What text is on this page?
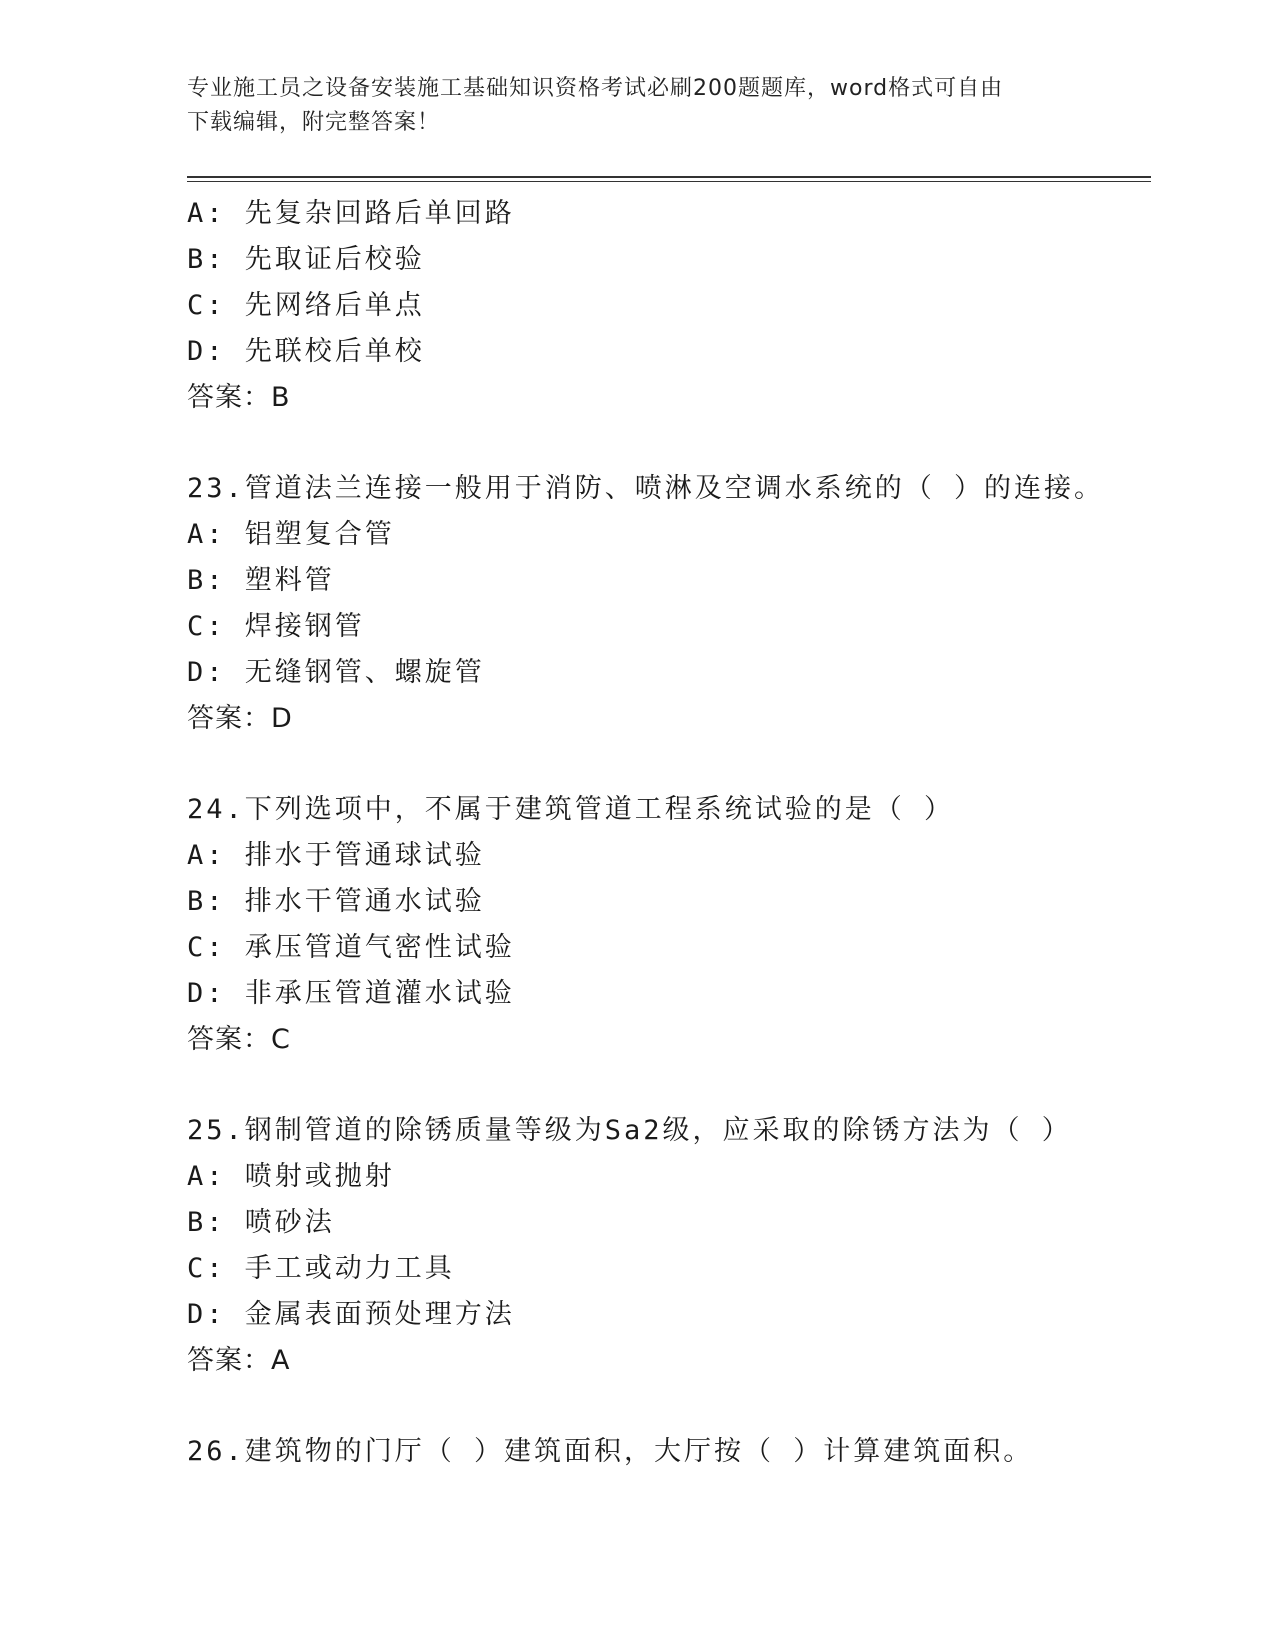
专业施工员之设备安装施工基础知识资格考试必刷200题题库，word格式可自由
下载编辑，附完整答案！
A: 先复杂回路后单回路
B: 先取证后校验
C: 先网络后单点
D: 先联校后单校
答案：B
23.管道法兰连接一般用于消防、喷淋及空调水系统的（ ）的连接。
A: 铝塑复合管
B: 塑料管
C: 焊接钢管
D: 无缝钢管、螺旋管
答案：D
24.下列选项中，不属于建筑管道工程系统试验的是（ ）
A: 排水于管通球试验
B: 排水干管通水试验
C: 承压管道气密性试验
D: 非承压管道灌水试验
答案：C
25.钢制管道的除锈质量等级为Sa2级，应采取的除锈方法为（ ）
A: 喷射或抛射
B: 喷砂法
C: 手工或动力工具
D: 金属表面预处理方法
答案：A
26.建筑物的门厅（ ）建筑面积，大厅按（ ）计算建筑面积。
